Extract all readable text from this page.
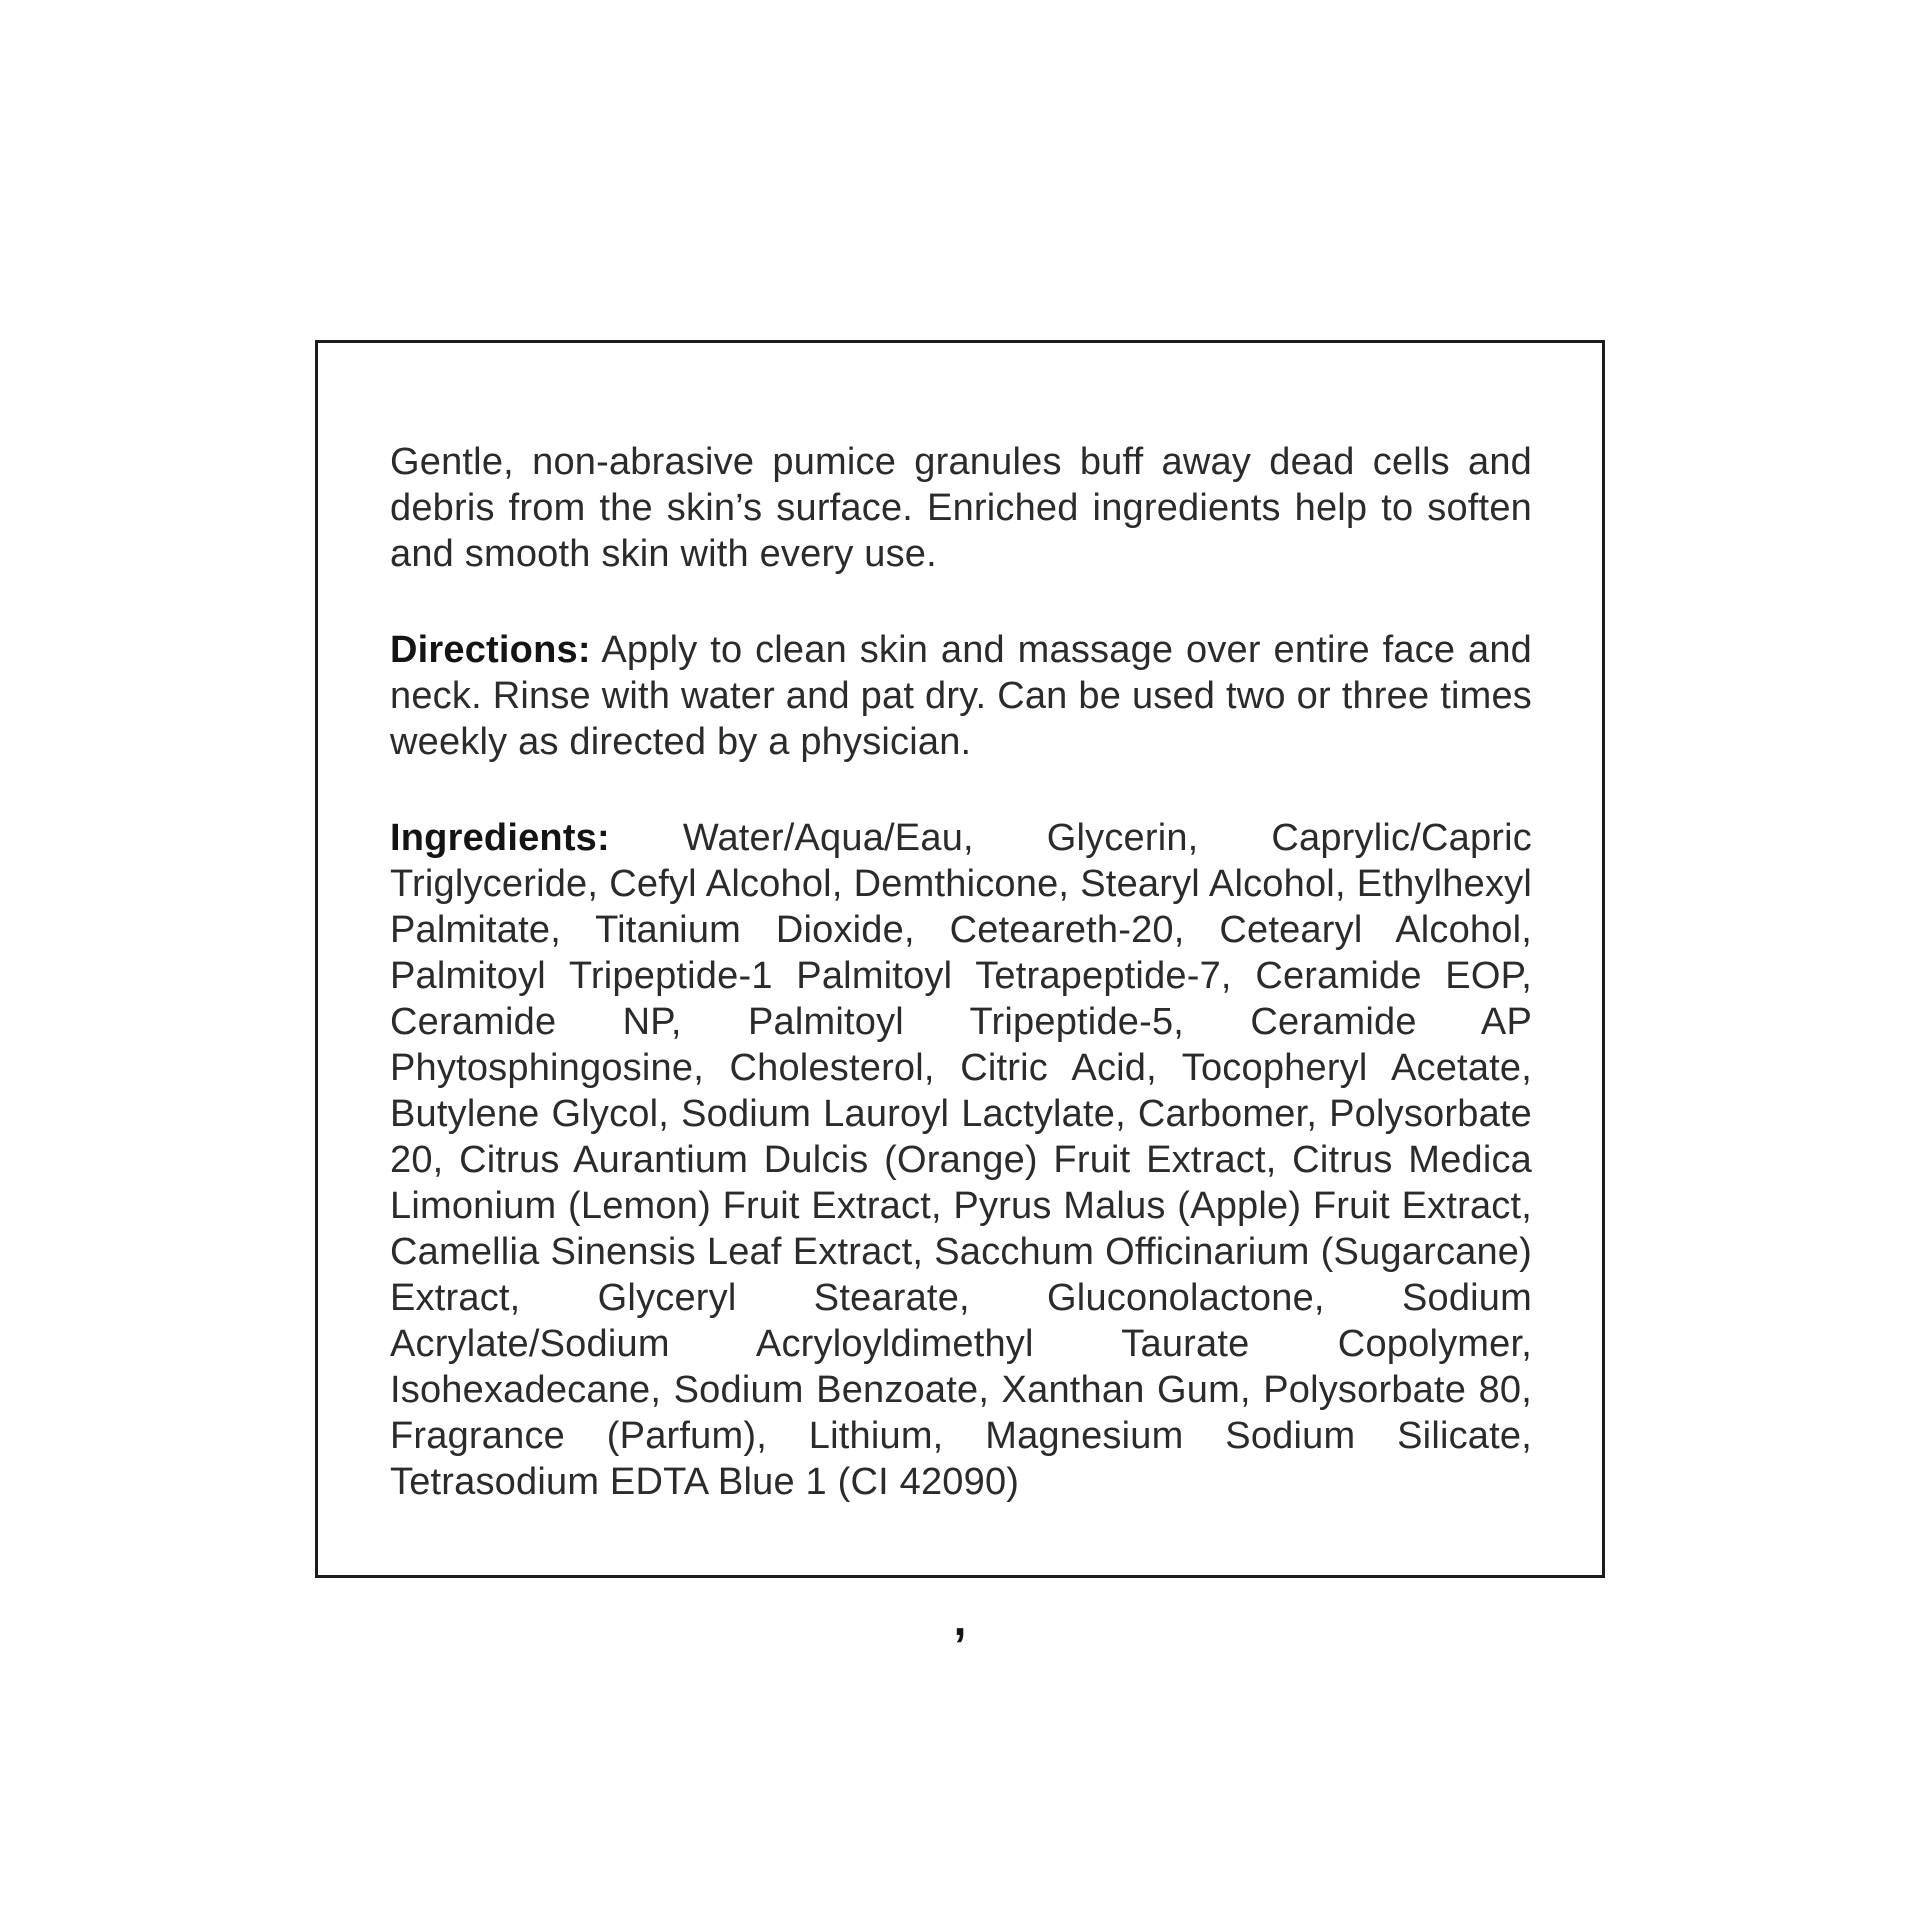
Gentle, non-abrasive pumice granules buff away dead cells and debris from the skin’s surface. Enriched ingredients help to soften and smooth skin with every use.

Directions: Apply to clean skin and massage over entire face and neck. Rinse with water and pat dry. Can be used two or three times weekly as directed by a physician.

Ingredients: Water/Aqua/Eau, Glycerin, Caprylic/Capric Triglyceride, Cefyl Alcohol, Demthicone, Stearyl Alcohol, Ethylhexyl Palmitate, Titanium Dioxide, Ceteareth-20, Cetearyl Alcohol, Palmitoyl Tripeptide-1 Palmitoyl Tetrapeptide-7, Ceramide EOP, Ceramide NP, Palmitoyl Tripeptide-5, Ceramide AP Phytosphingosine, Cholesterol, Citric Acid, Tocopheryl Acetate, Butylene Glycol, Sodium Lauroyl Lactylate, Carbomer, Polysorbate 20, Citrus Aurantium Dulcis (Orange) Fruit Extract, Citrus Medica Limonium (Lemon) Fruit Extract, Pyrus Malus (Apple) Fruit Extract, Camellia Sinensis Leaf Extract, Sacchum Officinarium (Sugarcane) Extract, Glyceryl Stearate, Gluconolactone, Sodium Acrylate/Sodium Acryloyldimethyl Taurate Copolymer, Isohexadecane, Sodium Benzoate, Xanthan Gum, Polysorbate 80, Fragrance (Parfum), Lithium, Magnesium Sodium Silicate, Tetrasodium EDTA Blue 1 (CI 42090)

,
